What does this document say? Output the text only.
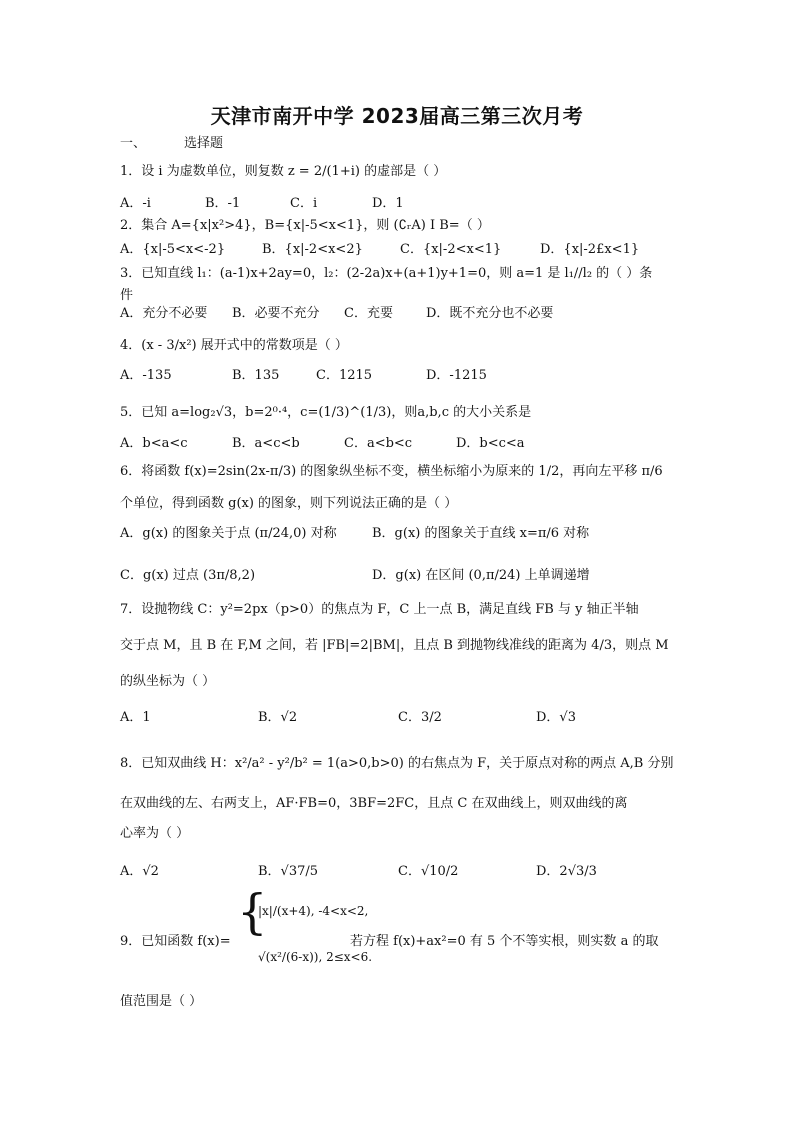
天津市南开中学 2023届高三第三次月考
一、	选择题
1．设 i 为虚数单位，则复数 z = 2/(1+i) 的虚部是（ ）
A．-i	B．-1	C．i	D．1
2．集合 A={x|x²>4}，B={x|-5<x<1}，则 (∁ᵣA) I B=（ ）
A．{x|-5<x<-2}	B．{x|-2<x<2}	C．{x|-2<x<1}	D．{x|-2£x<1}
3．已知直线 l₁：(a-1)x+2ay=0，l₂：(2-2a)x+(a+1)y+1=0，则 a=1 是 l₁//l₂ 的（ ）条
件
A．充分不必要 B．必要不充分 C．充要	D．既不充分也不必要
4．(x - 3/x²) 展开式中的常数项是（ ）
A．-135	B．135	C．1215	D．-1215
5．已知 a=log₂√3，b=2⁰·⁴，c=(1/3)^(1/3)，则a,b,c 的大小关系是
A．b<a<c	B．a<c<b	C．a<b<c	D．b<c<a
6．将函数 f(x)=2sin(2x-π/3) 的图象纵坐标不变，横坐标缩小为原来的 1/2，再向左平移 π/6
个单位，得到函数 g(x) 的图象，则下列说法正确的是（ ）
A．g(x) 的图象关于点 (π/24,0) 对称	B．g(x) 的图象关于直线 x=π/6 对称
C．g(x) 过点 (3π/8,2)	D．g(x) 在区间 (0,π/24) 上单调递增
7．设抛物线 C：y²=2px（p>0）的焦点为 F，C 上一点 B，满足直线 FB 与 y 轴正半轴
交于点 M，且 B 在 F,M 之间，若 |FB|=2|BM|，且点 B 到抛物线准线的距离为 4/3，则点 M
的纵坐标为（ ）
A．1	B．√2	C．3/2	D．√3
8．已知双曲线 H：x²/a² - y²/b² = 1(a>0,b>0) 的右焦点为 F，关于原点对称的两点 A,B 分别
在双曲线的左、右两支上，AF·FB=0，3BF=2FC，且点 C 在双曲线上，则双曲线的离
心率为（ ）
A．√2	B．√37/5	C．√10/2	D．2√3/3
9．已知函数 f(x)=
{
|x|/(x+4), -4<x<2,
√(x²/(6-x)), 2≤x<6.
若方程 f(x)+ax²=0 有 5 个不等实根，则实数 a 的取
值范围是（ ）
